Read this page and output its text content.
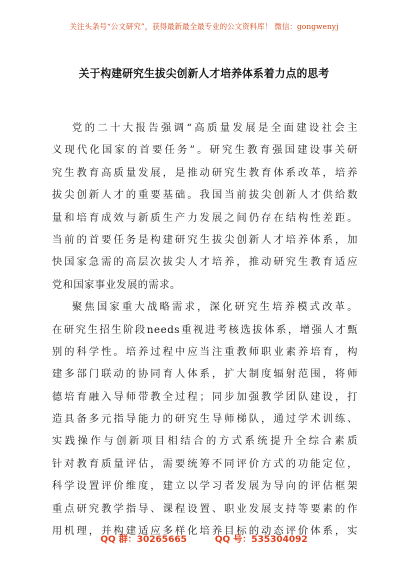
关注头条号“公文研究”，获得最新最全最专业的公文资料库！ 微信：gongwenyj
关于构建研究生拔尖创新人才培养体系着力点的思考
党的二十大报告强调“高质量发展是全面建设社会主
义现代化国家的首要任务”。研究生教育强国建设事关研
究生教育高质量发展，是推动研究生教育体系改革，培养
拔尖创新人才的重要基础。我国当前拔尖创新人才供给数
量和培育成效与新质生产力发展之间仍存在结构性差距。
当前的首要任务是构建研究生拔尖创新人才培养体系，加
快国家急需的高层次拔尖人才培养，推动研究生教育适应
党和国家事业发展的需求。
聚焦国家重大战略需求，深化研究生培养模式改革。
在研究生招生阶段needs重视进考核选拔体系，增强人才甄
别的科学性。培养过程中应当注重教师职业素养培育，构
建多部门联动的协同育人体系，扩大制度辐射范围，将师
德培育融入导师带教全过程；同步加强教学团队建设，打
造具备多元指导能力的研究生导师梯队，通过学术训练、
实践操作与创新项目相结合的方式系统提升全综合素质
针对教育质量评估，需要统筹不同评价方式的功能定位，
科学设置评价维度，建立以学习者发展为导向的评估框架
重点研究教学指导、课程设置、职业发展支持等要素的作
用机理，并构建适应多样化培养目标的动态评价体系，实
QQ 群：30265665	QQ 号：535304092
